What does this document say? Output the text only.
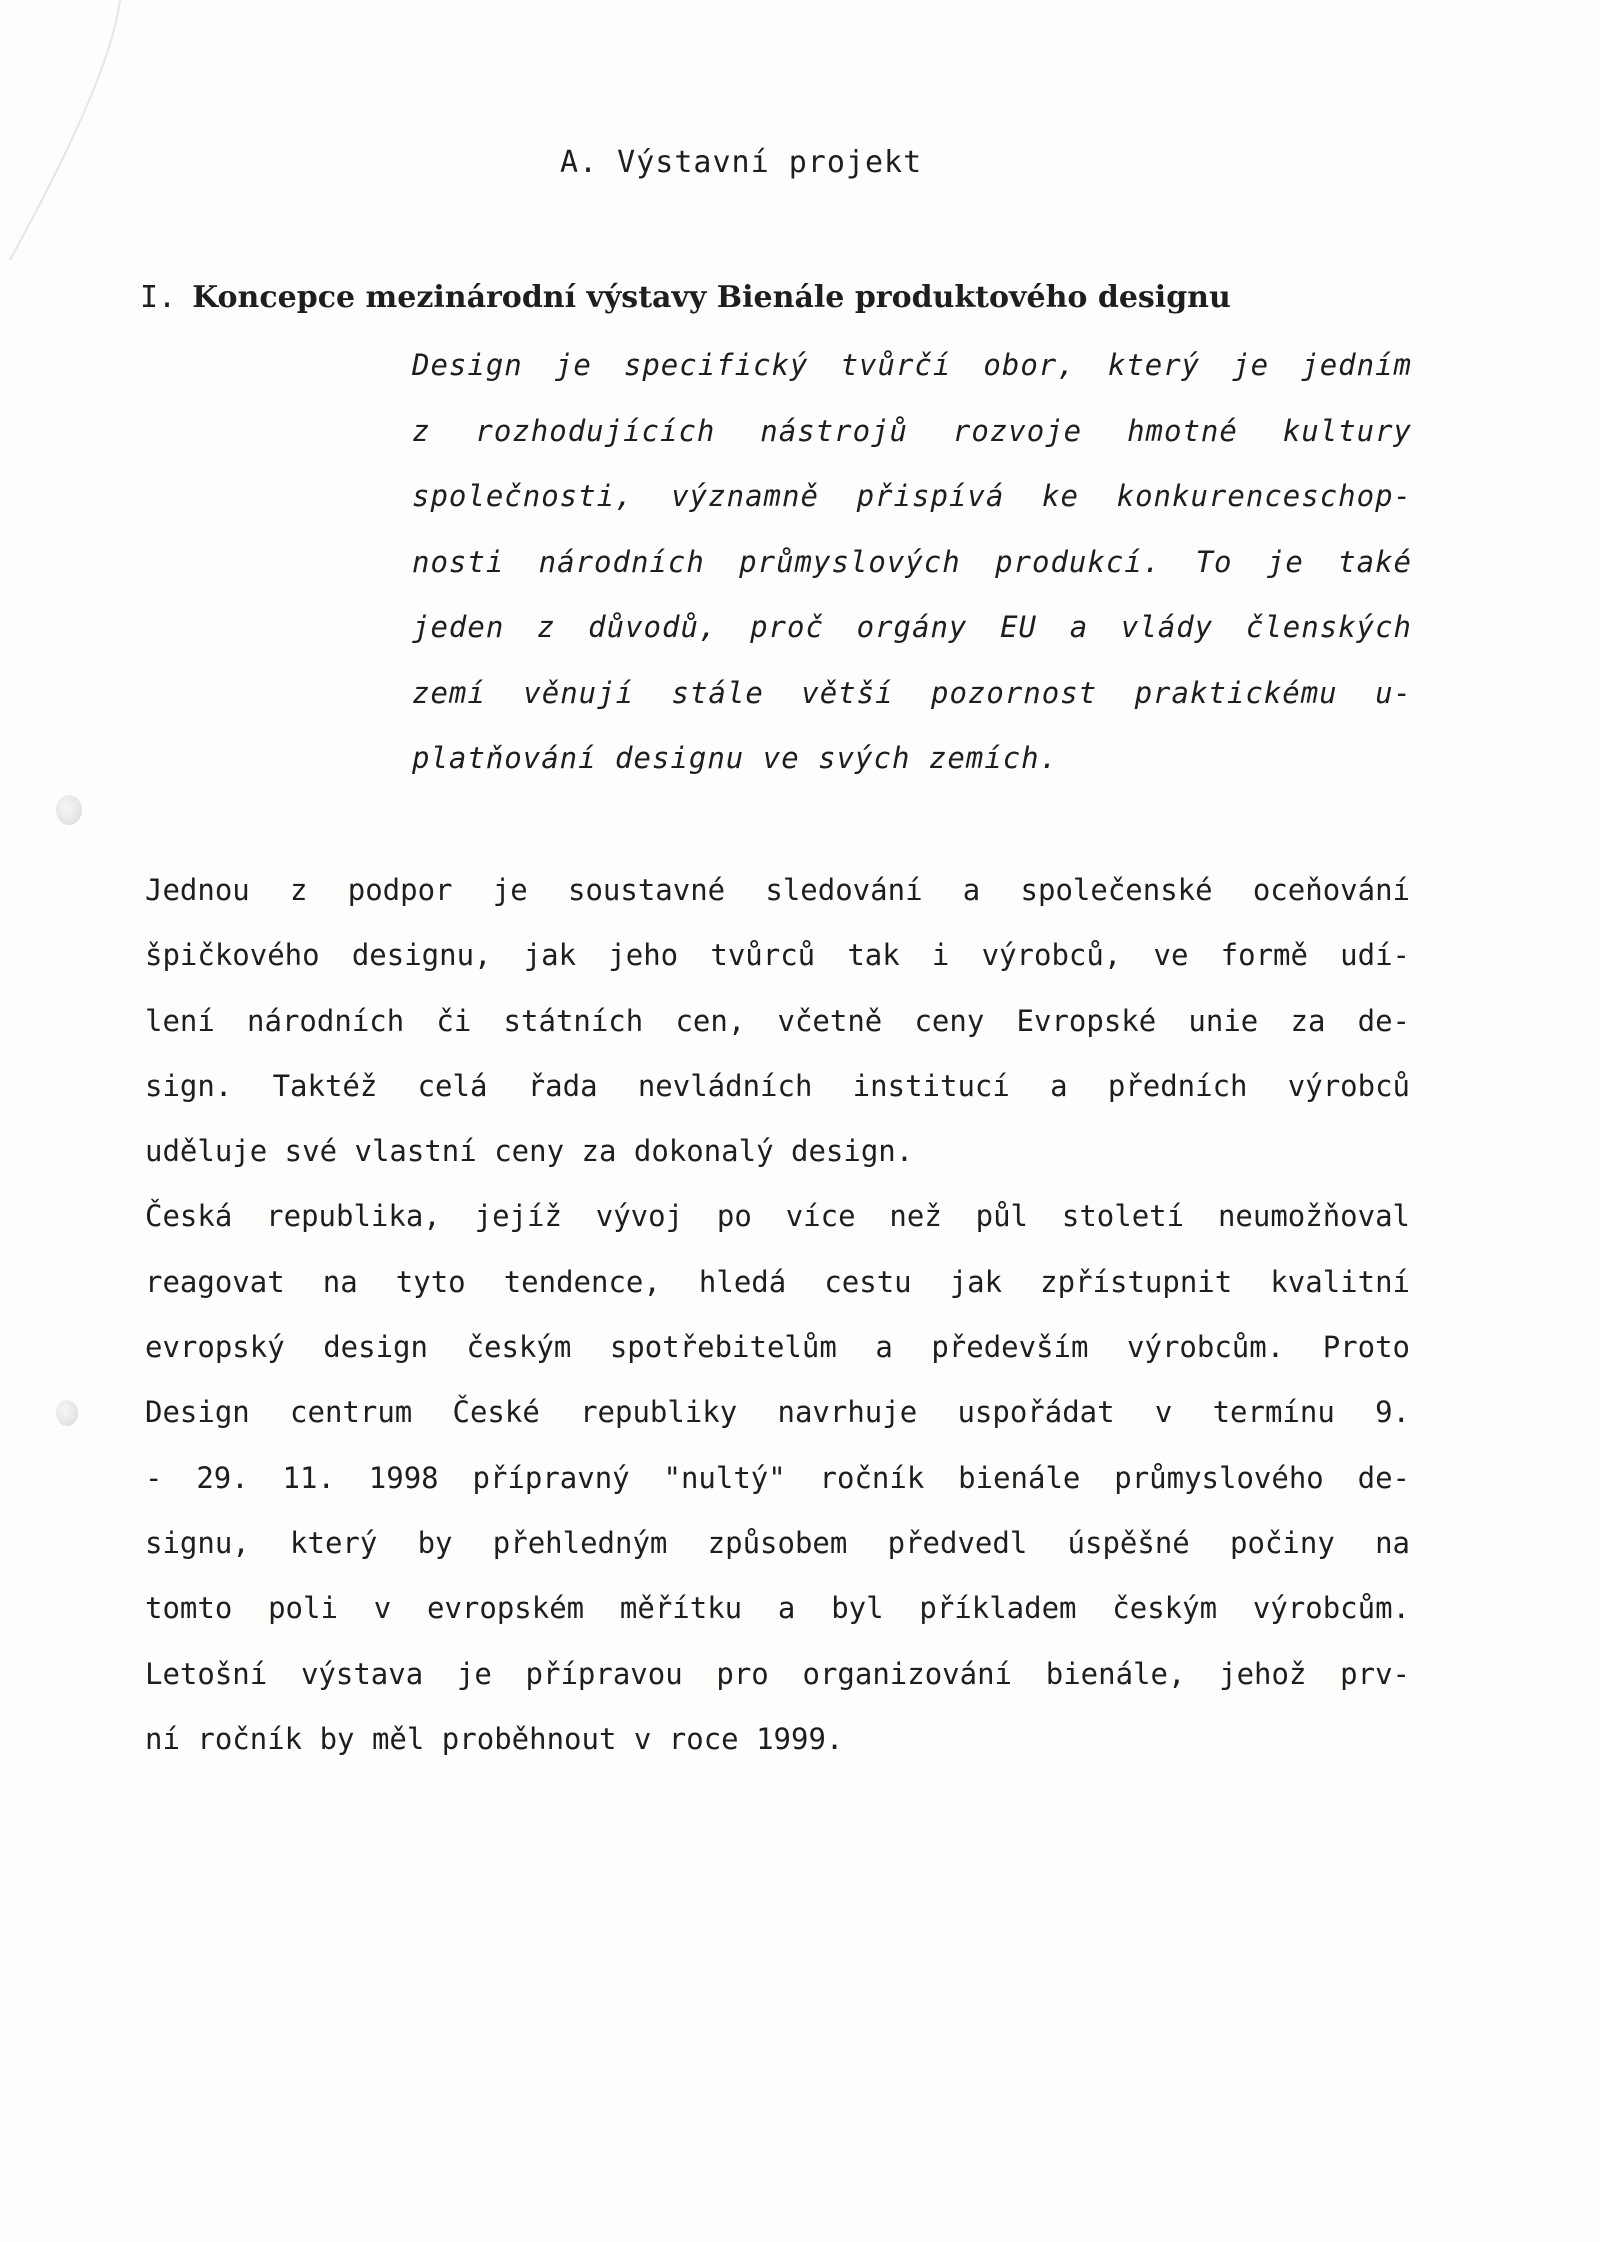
A. Výstavní projekt
I. Koncepce mezinárodní výstavy Bienále produktového designu
Design je specifický tvůrčí obor, který je jedním
z rozhodujících nástrojů rozvoje hmotné kultury
společnosti, významně přispívá ke konkurenceschop-
nosti národních průmyslových produkcí. To je také
jeden z důvodů, proč orgány EU a vlády členských
zemí věnují stále větší pozornost praktickému u-
platňování designu ve svých zemích.
Jednou z podpor je soustavné sledování a společenské oceňování
špičkového designu, jak jeho tvůrců tak i výrobců, ve formě udí-
lení národních či státních cen, včetně ceny Evropské unie za de-
sign. Taktéž celá řada nevládních institucí a předních výrobců
uděluje své vlastní ceny za dokonalý design.
Česká republika, jejíž vývoj po více než půl století neumožňoval
reagovat na tyto tendence, hledá cestu jak zpřístupnit kvalitní
evropský design českým spotřebitelům a především výrobcům. Proto
Design centrum České republiky navrhuje uspořádat v termínu 9.
- 29. 11. 1998 přípravný "nultý" ročník bienále průmyslového de-
signu, který by přehledným způsobem předvedl úspěšné počiny na
tomto poli v evropském měřítku a byl příkladem českým výrobcům.
Letošní výstava je přípravou pro organizování bienále, jehož prv-
ní ročník by měl proběhnout v roce 1999.
